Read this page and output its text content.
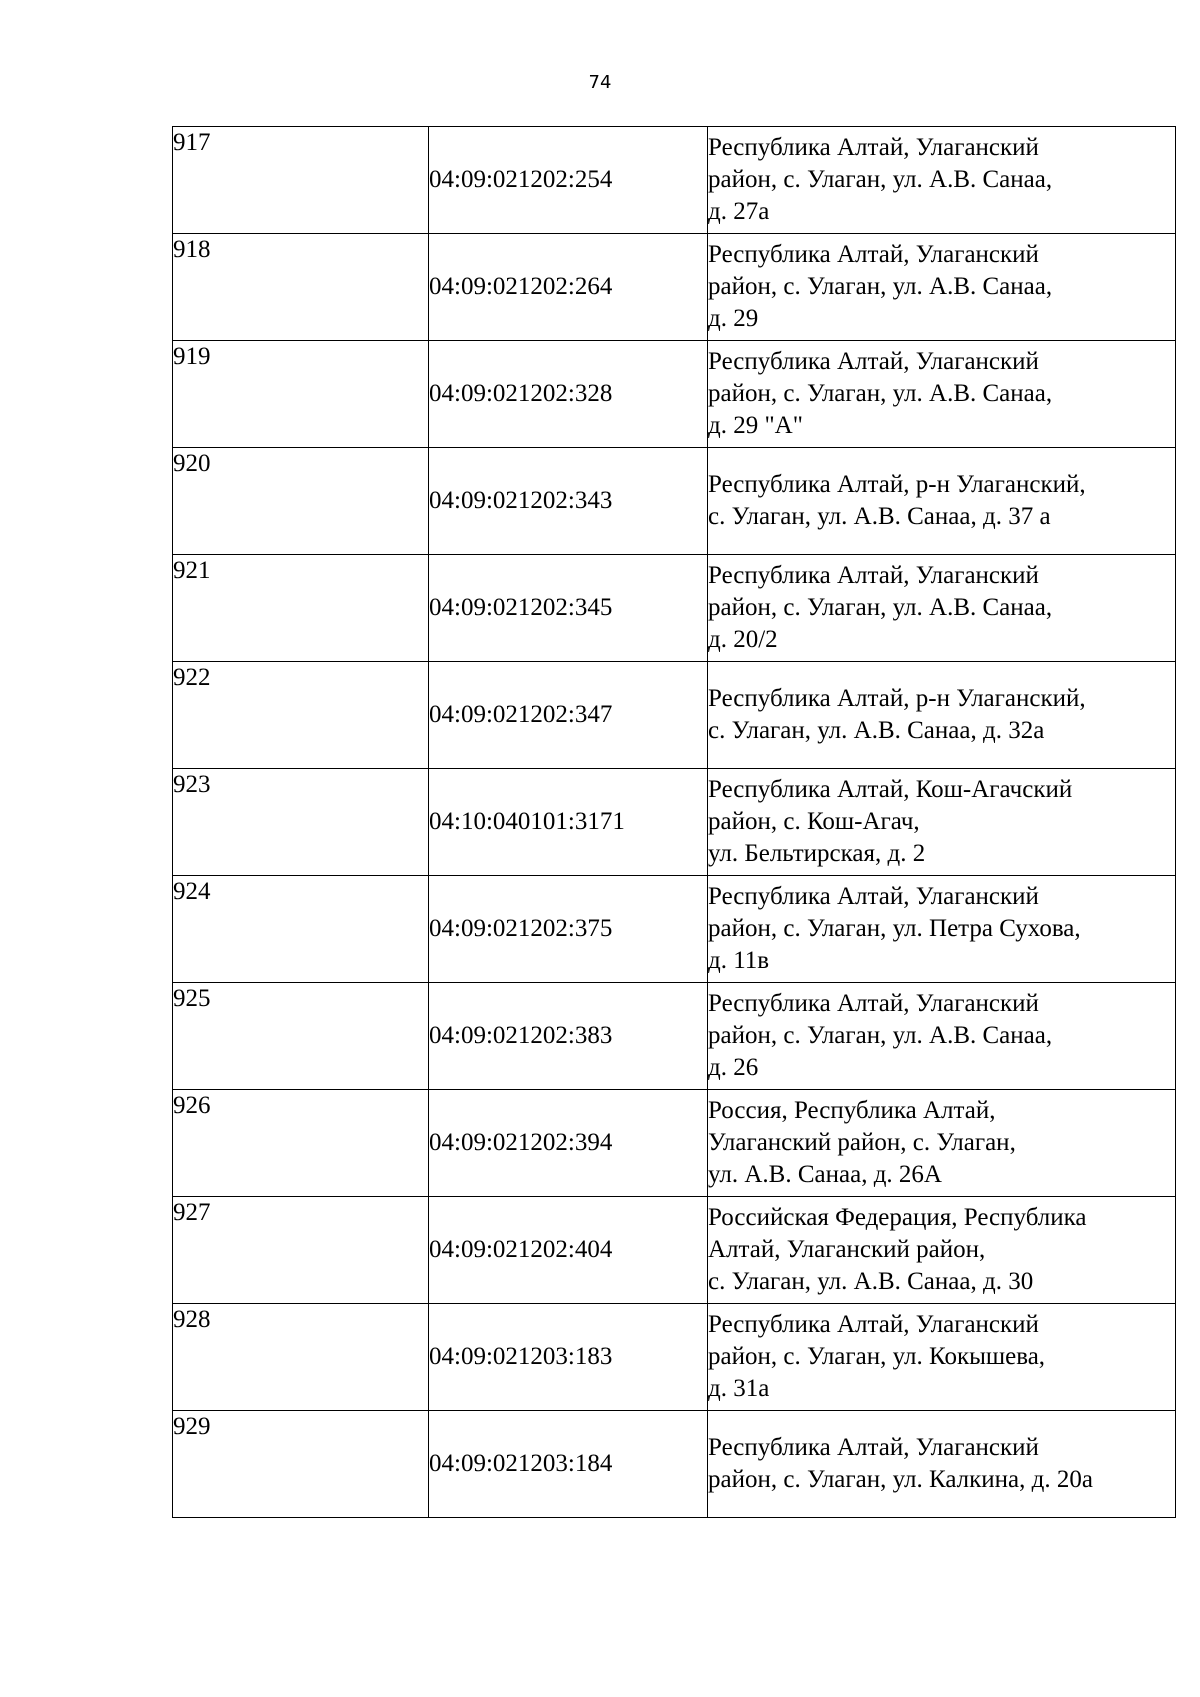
74
917	04:09:021202:254	Республика Алтай, Улаганский
район, с. Улаган, ул. А.В. Санаа,
д. 27а

918	04:09:021202:264	Республика Алтай, Улаганский
район, с. Улаган, ул. А.В. Санаа,
д. 29

919	04:09:021202:328	Республика Алтай, Улаганский
район, с. Улаган, ул. А.В. Санаа,
д. 29 "А"

920	04:09:021202:343	Республика Алтай, р-н Улаганский,
с. Улаган, ул. А.В. Санаа, д. 37 а

921	04:09:021202:345	Республика Алтай, Улаганский
район, с. Улаган, ул. А.В. Санаа,
д. 20/2

922	04:09:021202:347	Республика Алтай, р-н Улаганский,
с. Улаган, ул. А.В. Санаа, д. 32а

923	04:10:040101:3171	Республика Алтай, Кош-Агачский
район, с. Кош-Агач,
ул. Бельтирская, д. 2

924	04:09:021202:375	Республика Алтай, Улаганский
район, с. Улаган, ул. Петра Сухова,
д. 11в

925	04:09:021202:383	Республика Алтай, Улаганский
район, с. Улаган, ул. А.В. Санаа,
д. 26

926	04:09:021202:394	Россия, Республика Алтай,
Улаганский район, с. Улаган,
ул. А.В. Санаа, д. 26А

927	04:09:021202:404	Российская Федерация, Республика
Алтай, Улаганский район,
с. Улаган, ул. А.В. Санаа, д. 30

928	04:09:021203:183	Республика Алтай, Улаганский
район, с. Улаган, ул. Кокышева,
д. 31а

929	04:09:021203:184	Республика Алтай, Улаганский
район, с. Улаган, ул. Калкина, д. 20а
